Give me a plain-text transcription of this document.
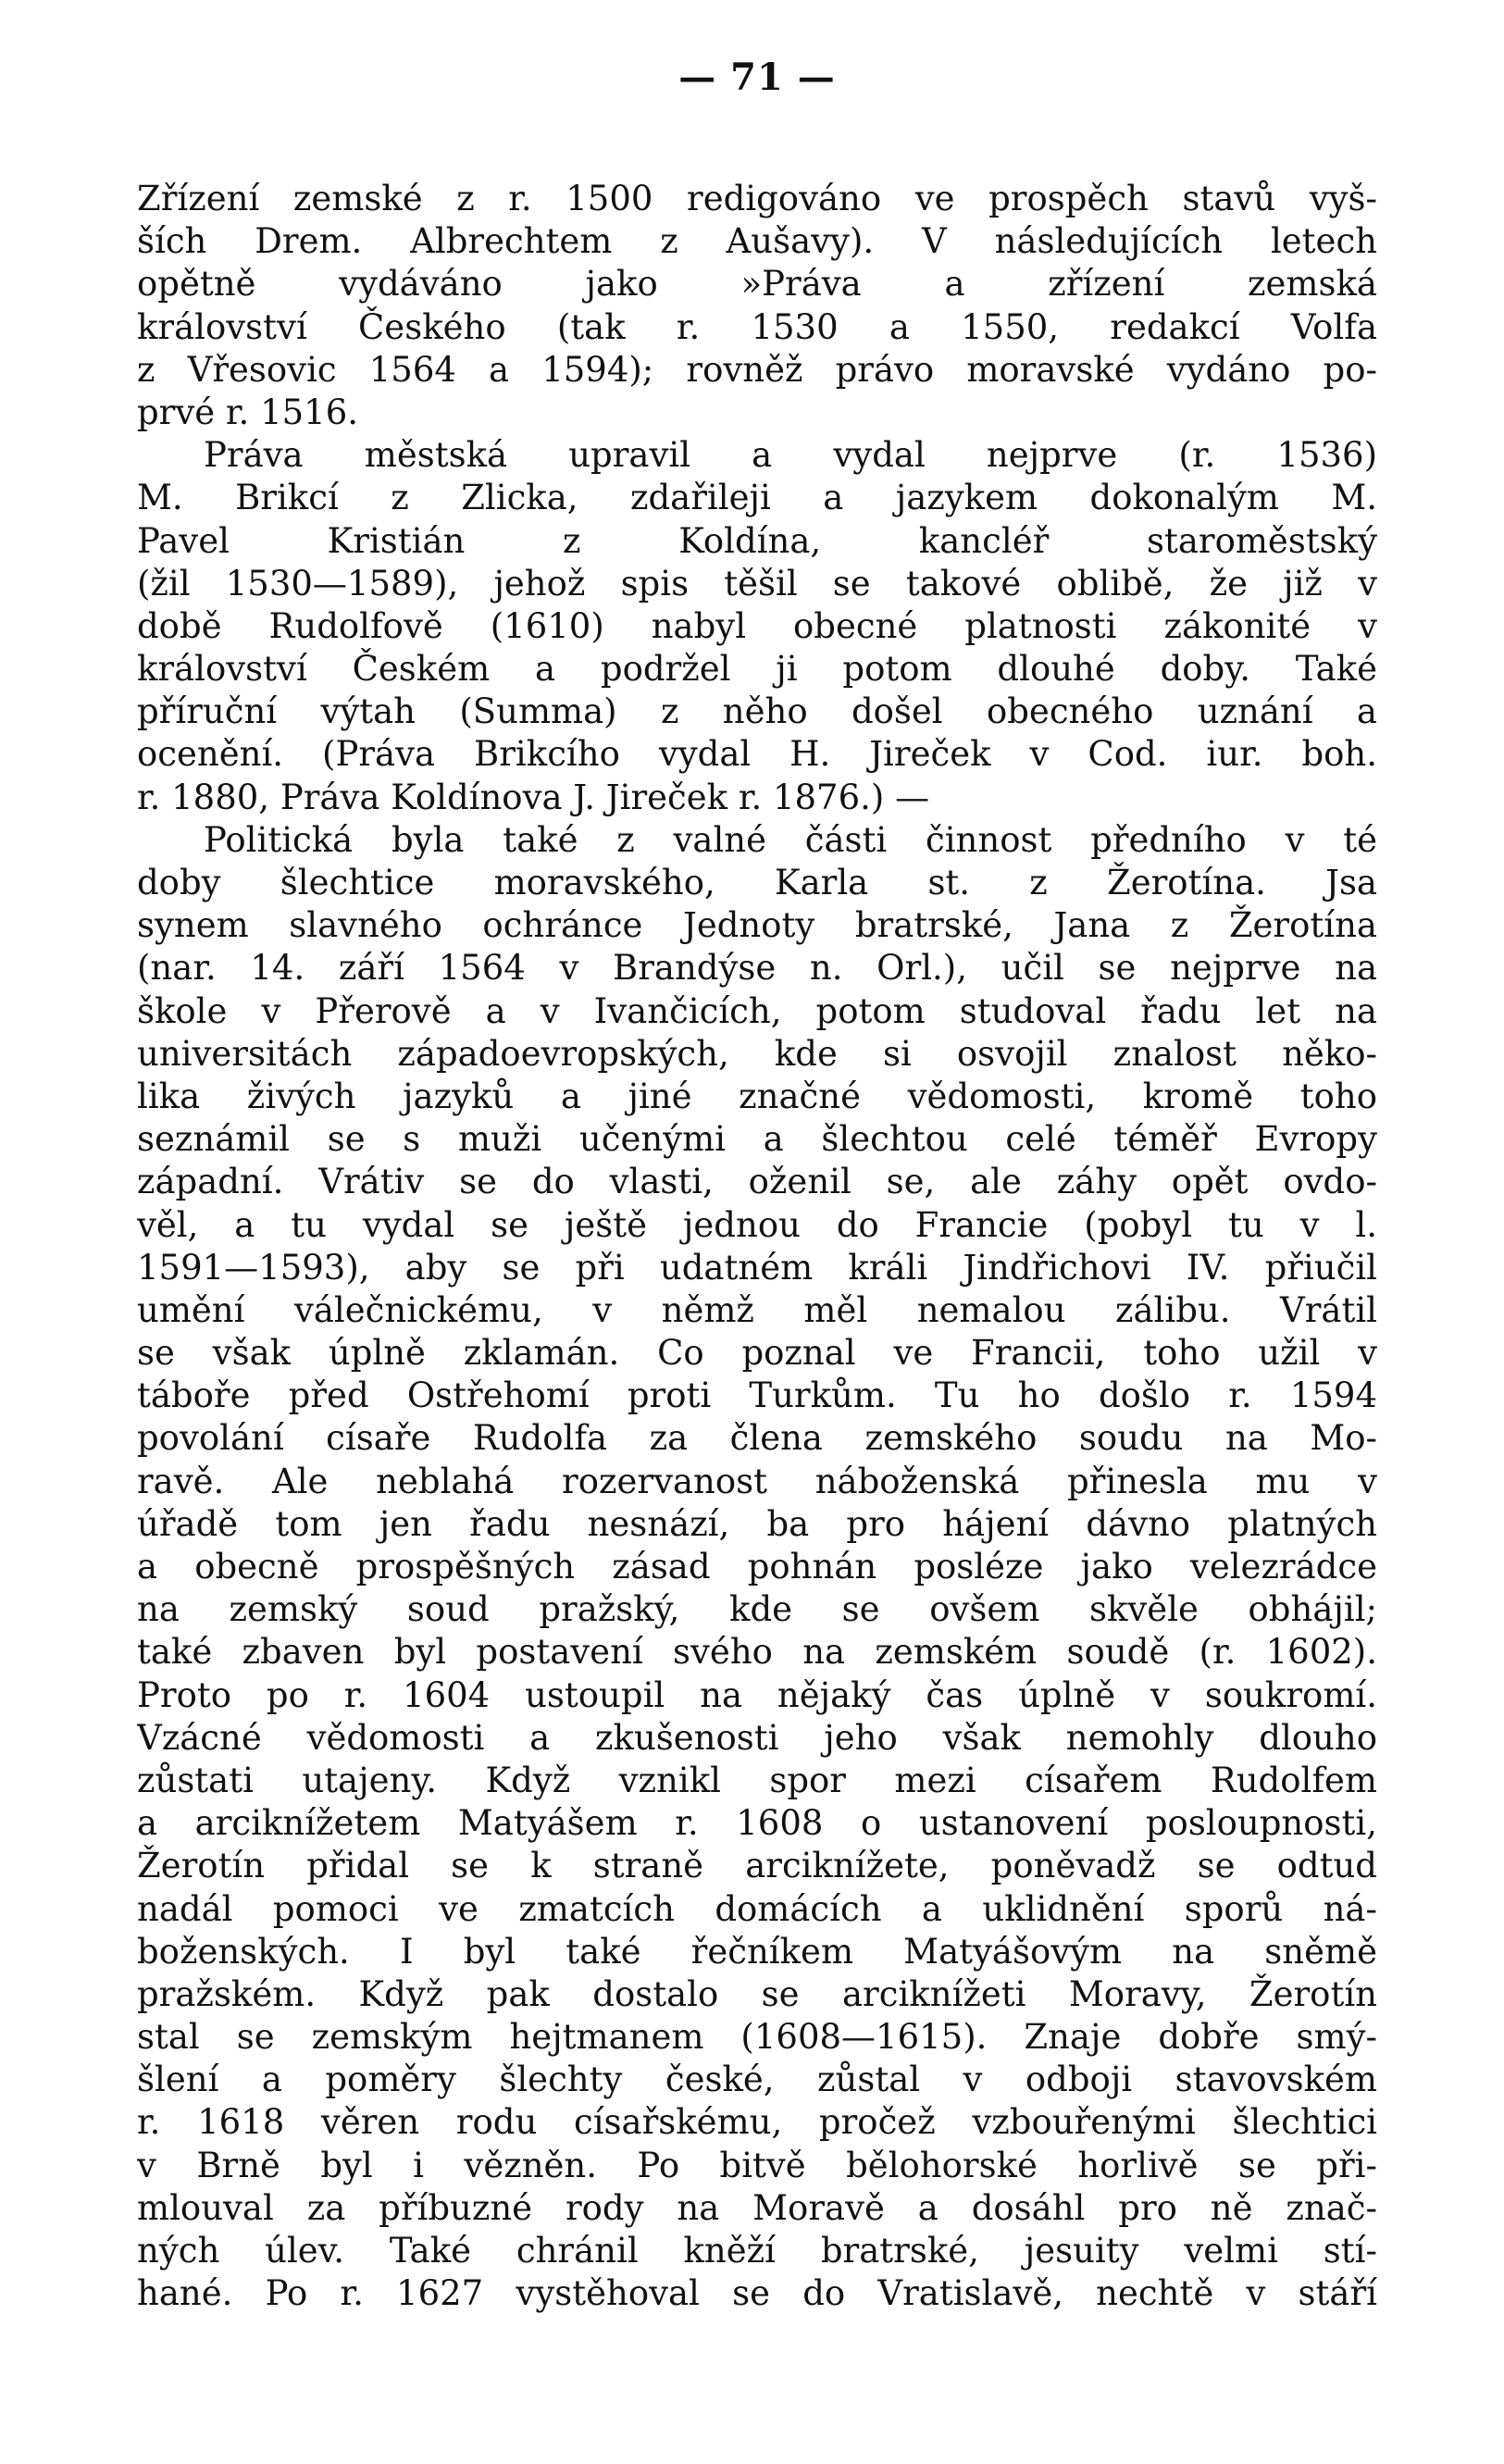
— 71 —
Zřízení zemské z r. 1500 redigováno ve prospěch stavů vyš-
ších Drem. Albrechtem z Aušavy). V následujících letech
opětně vydáváno jako »Práva a zřízení zemská
království Českého (tak r. 1530 a 1550, redakcí Volfa
z Vřesovic 1564 a 1594); rovněž právo moravské vydáno po-
prvé r. 1516.
Práva městská upravil a vydal nejprve (r. 1536)
M. Brikcí z Zlicka, zdařileji a jazykem dokonalým M.
Pavel Kristián z Koldína, kancléř staroměstský
(žil 1530—1589), jehož spis těšil se takové oblibě, že již v
době Rudolfově (1610) nabyl obecné platnosti zákonité v
království Českém a podržel ji potom dlouhé doby. Také
příruční výtah (Summa) z něho došel obecného uznání a
ocenění. (Práva Brikcího vydal H. Jireček v Cod. iur. boh.
r. 1880, Práva Koldínova J. Jireček r. 1876.) —
Politická byla také z valné části činnost předního v té
doby šlechtice moravského, Karla st. z Žerotína. Jsa
synem slavného ochránce Jednoty bratrské, Jana z Žerotína
(nar. 14. září 1564 v Brandýse n. Orl.), učil se nejprve na
škole v Přerově a v Ivančicích, potom studoval řadu let na
universitách západoevropských, kde si osvojil znalost něko-
lika živých jazyků a jiné značné vědomosti, kromě toho
seznámil se s muži učenými a šlechtou celé téměř Evropy
západní. Vrátiv se do vlasti, oženil se, ale záhy opět ovdo-
věl, a tu vydal se ještě jednou do Francie (pobyl tu v l.
1591—1593), aby se při udatném králi Jindřichovi IV. přiučil
umění válečnickému, v němž měl nemalou zálibu. Vrátil
se však úplně zklamán. Co poznal ve Francii, toho užil v
táboře před Ostřehomí proti Turkům. Tu ho došlo r. 1594
povolání císaře Rudolfa za člena zemského soudu na Mo-
ravě. Ale neblahá rozervanost náboženská přinesla mu v
úřadě tom jen řadu nesnází, ba pro hájení dávno platných
a obecně prospěšných zásad pohnán posléze jako velezrádce
na zemský soud pražský, kde se ovšem skvěle obhájil;
také zbaven byl postavení svého na zemském soudě (r. 1602).
Proto po r. 1604 ustoupil na nějaký čas úplně v soukromí.
Vzácné vědomosti a zkušenosti jeho však nemohly dlouho
zůstati utajeny. Když vznikl spor mezi císařem Rudolfem
a arciknížetem Matyášem r. 1608 o ustanovení posloupnosti,
Žerotín přidal se k straně arciknížete, poněvadž se odtud
nadál pomoci ve zmatcích domácích a uklidnění sporů ná-
boženských. I byl také řečníkem Matyášovým na sněmě
pražském. Když pak dostalo se arciknížeti Moravy, Žerotín
stal se zemským hejtmanem (1608—1615). Znaje dobře smý-
šlení a poměry šlechty české, zůstal v odboji stavovském
r. 1618 věren rodu císařskému, pročež vzbouřenými šlechtici
v Brně byl i vězněn. Po bitvě bělohorské horlivě se při-
mlouval za příbuzné rody na Moravě a dosáhl pro ně znač-
ných úlev. Také chránil kněží bratrské, jesuity velmi stí-
hané. Po r. 1627 vystěhoval se do Vratislavě, nechtě v stáří
